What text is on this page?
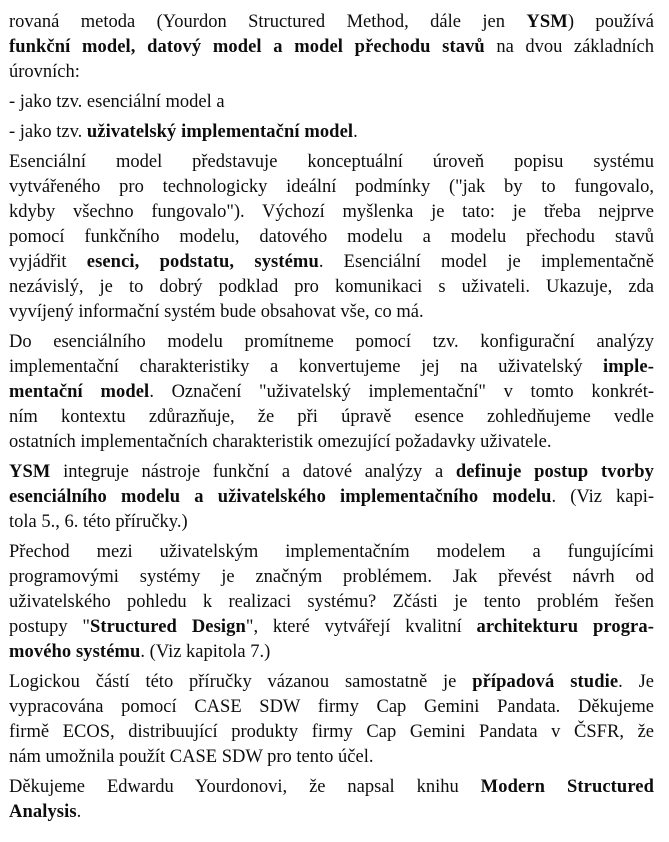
rovaná metoda (Yourdon Structured Method, dále jen YSM) používá
funkční model, datový model a model přechodu stavů na dvou základních
úrovních:
- jako tzv. esenciální model a
- jako tzv. uživatelský implementační model.
Esenciální model představuje konceptuální úroveň popisu systému
vytvářeného pro technologicky ideální podmínky ("jak by to fungovalo,
kdyby všechno fungovalo"). Výchozí myšlenka je tato: je třeba nejprve
pomocí funkčního modelu, datového modelu a modelu přechodu stavů
vyjádřit esenci, podstatu, systému. Esenciální model je implementačně
nezávislý, je to dobrý podklad pro komunikaci s uživateli. Ukazuje, zda
vyvíjený informační systém bude obsahovat vše, co má.
Do esenciálního modelu promítneme pomocí tzv. konfigurační analýzy
implementační charakteristiky a konvertujeme jej na uživatelský imple-
mentační model. Označení "uživatelský implementační" v tomto konkrét-
ním kontextu zdůrazňuje, že při úpravě esence zohledňujeme vedle
ostatních implementačních charakteristik omezující požadavky uživatele.
YSM integruje nástroje funkční a datové analýzy a definuje postup tvorby
esenciálního modelu a uživatelského implementačního modelu. (Viz kapi-
tola 5., 6. této příručky.)
Přechod mezi uživatelským implementačním modelem a fungujícími
programovými systémy je značným problémem. Jak převést návrh od
uživatelského pohledu k realizaci systému? Zčásti je tento problém řešen
postupy "Structured Design", které vytvářejí kvalitní architekturu progra-
mového systému. (Viz kapitola 7.)
Logickou částí této příručky vázanou samostatně je případová studie. Je
vypracována pomocí CASE SDW firmy Cap Gemini Pandata. Děkujeme
firmě ECOS, distribuující produkty firmy Cap Gemini Pandata v ČSFR, že
nám umožnila použít CASE SDW pro tento účel.
Děkujeme Edwardu Yourdonovi, že napsal knihu Modern Structured
Analysis.
